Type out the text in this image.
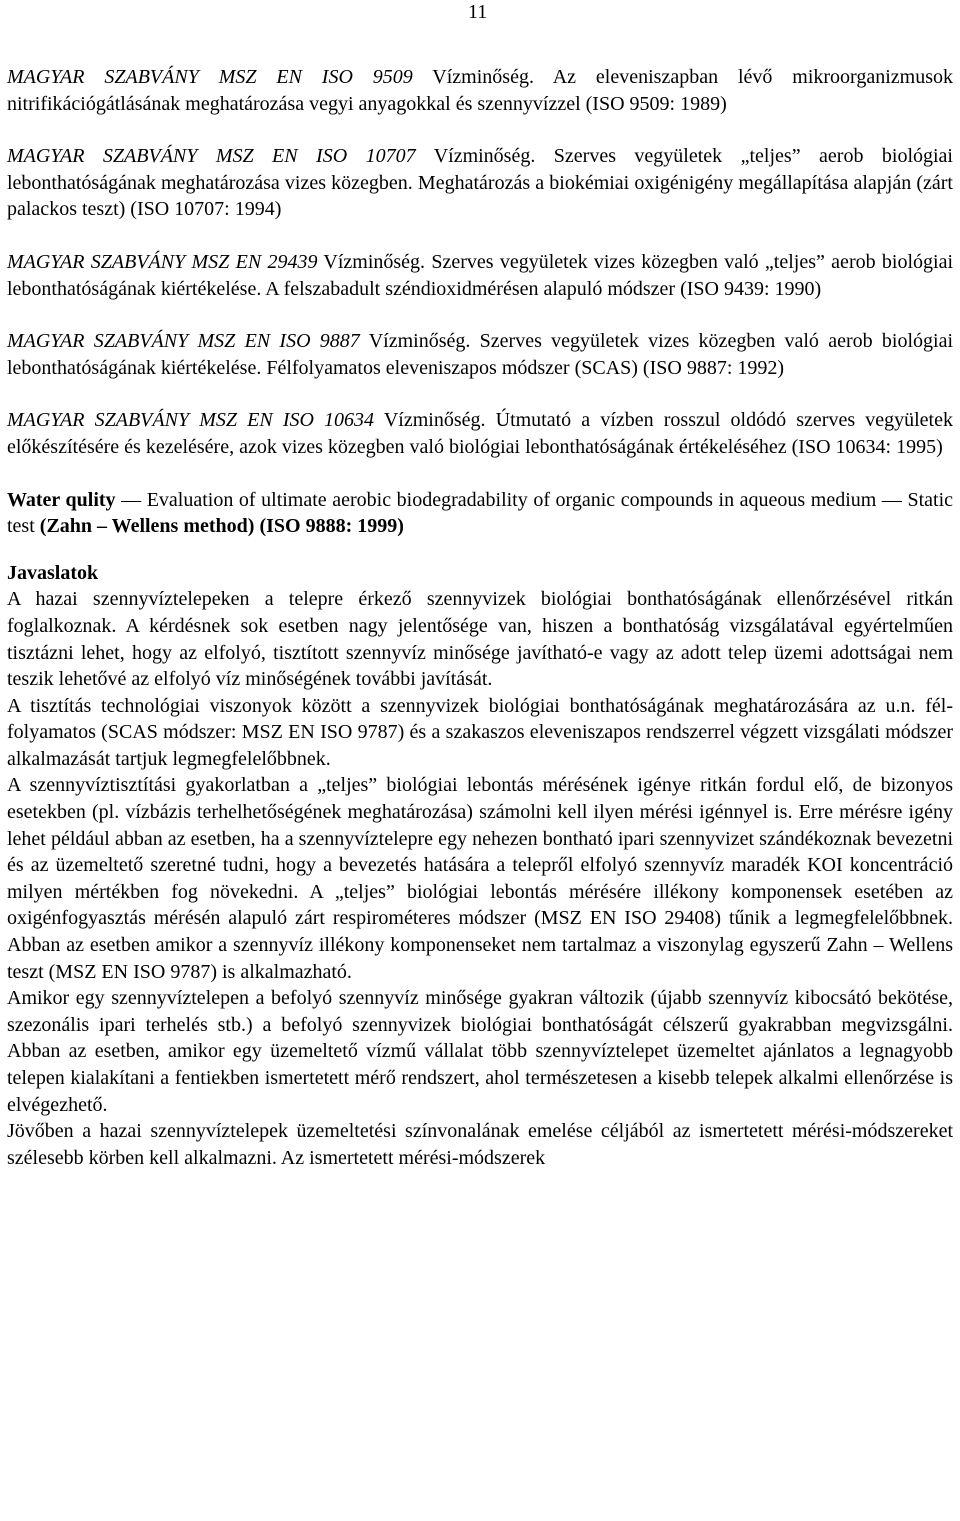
11

MAGYAR SZABVÁNY MSZ EN ISO 9509 Vízminőség. Az eleveniszapban lévő mikroorganizmusok nitrifikációgátlásának meghatározása vegyi anyagokkal és szennyvízzel (ISO 9509: 1989)

MAGYAR SZABVÁNY MSZ EN ISO 10707 Vízminőség. Szerves vegyületek „teljes” aerob biológiai lebonthatóságának meghatározása vizes közegben. Meghatározás a biokémiai oxigénigény megállapítása alapján (zárt palackos teszt) (ISO 10707: 1994)

MAGYAR SZABVÁNY MSZ EN 29439 Vízminőség. Szerves vegyületek vizes közegben való „teljes” aerob biológiai lebonthatóságának kiértékelése. A felszabadult széndioxidmérésen alapuló módszer (ISO 9439: 1990)

MAGYAR SZABVÁNY MSZ EN ISO 9887 Vízminőség. Szerves vegyületek vizes közegben való aerob biológiai lebonthatóságának kiértékelése. Félfolyamatos eleveniszapos módszer (SCAS) (ISO 9887: 1992)

MAGYAR SZABVÁNY MSZ EN ISO 10634 Vízminőség. Útmutató a vízben rosszul oldódó szerves vegyületek előkészítésére és kezelésére, azok vizes közegben való biológiai lebonthatóságának értékeléséhez (ISO 10634: 1995)

Water qulity — Evaluation of ultimate aerobic biodegradability of organic compounds in aqueous medium — Static test (Zahn – Wellens method) (ISO 9888: 1999)

Javaslatok

A hazai szennyvíztelepeken a telepre érkező szennyvizek biológiai bonthatóságának ellenőrzésével ritkán foglalkoznak. A kérdésnek sok esetben nagy jelentősége van, hiszen a bonthatóság vizsgálatával egyértelműen tisztázni lehet, hogy az elfolyó, tisztított szennyvíz minősége javítható-e vagy az adott telep üzemi adottságai nem teszik lehetővé az elfolyó víz minőségének további javítását.

A tisztítás technológiai viszonyok között a szennyvizek biológiai bonthatóságának meghatározására az u.n. fél-folyamatos (SCAS módszer: MSZ EN ISO 9787) és a szakaszos eleveniszapos rendszerrel végzett vizsgálati módszer alkalmazását tartjuk legmegfelelőbbnek.

A szennyvíztisztítási gyakorlatban a „teljes” biológiai lebontás mérésének igénye ritkán fordul elő, de bizonyos esetekben (pl. vízbázis terhelhetőségének meghatározása) számolni kell ilyen mérési igénnyel is. Erre mérésre igény lehet például abban az esetben, ha a szennyvíztelepre egy nehezen bontható ipari szennyvizet szándékoznak bevezetni és az üzemeltető szeretné tudni, hogy a bevezetés hatására a telepről elfolyó szennyvíz maradék KOI koncentráció milyen mértékben fog növekedni. A „teljes” biológiai lebontás mérésére illékony komponensek esetében az oxigénfogyasztás mérésén alapuló zárt respirométeres módszer (MSZ EN ISO 29408) tűnik a legmegfelelőbbnek. Abban az esetben amikor a szennyvíz illékony komponenseket nem tartalmaz a viszonylag egyszerű Zahn – Wellens teszt (MSZ EN ISO 9787) is alkalmazható.

Amikor egy szennyvíztelepen a befolyó szennyvíz minősége gyakran változik (újabb szennyvíz kibocsátó bekötése, szezonális ipari terhelés stb.) a befolyó szennyvizek biológiai bonthatóságát célszerű gyakrabban megvizsgálni. Abban az esetben, amikor egy üzemeltető vízmű vállalat több szennyvíztelepet üzemeltet ajánlatos a legnagyobb telepen kialakítani a fentiekben ismertetett mérő rendszert, ahol természetesen a kisebb telepek alkalmi ellenőrzése is elvégezhető.

Jövőben a hazai szennyvíztelepek üzemeltetési színvonalának emelése céljából az ismertetett mérési-módszereket szélesebb körben kell alkalmazni. Az ismertetett mérési-módszerek
